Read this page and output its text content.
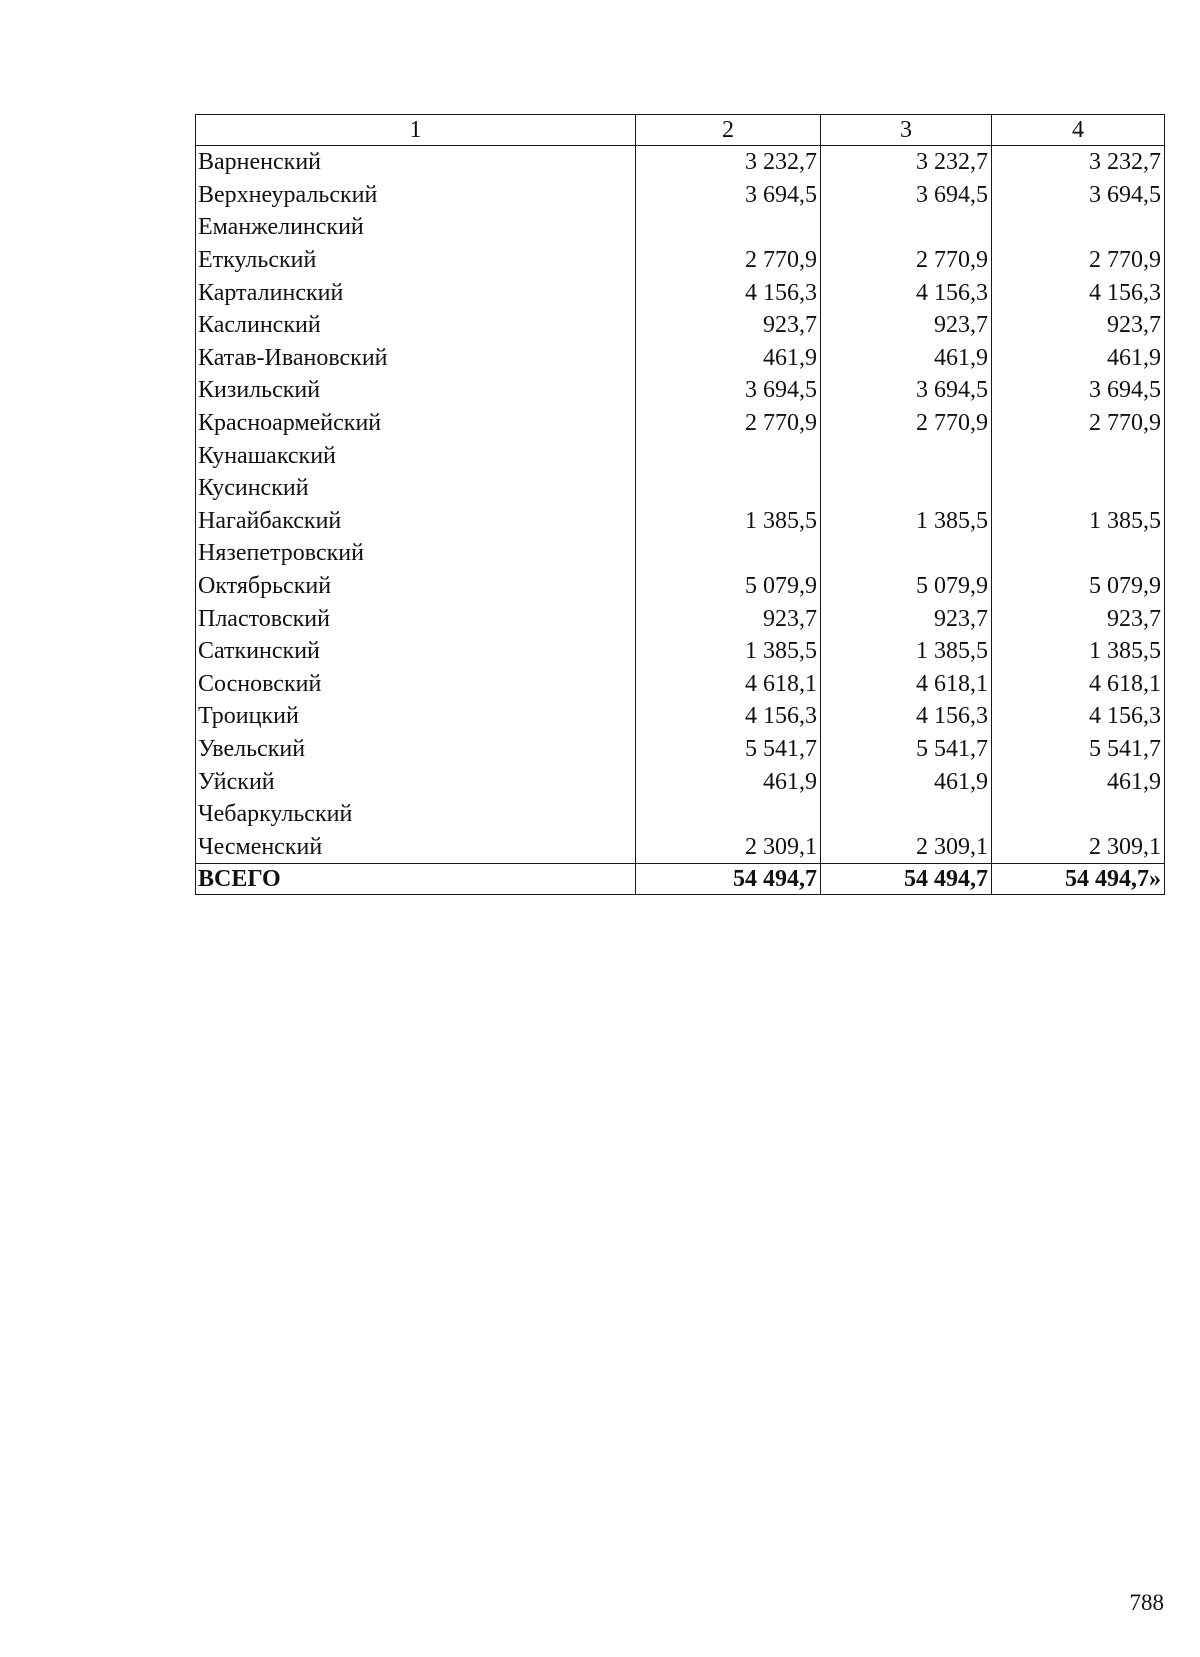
1	2	3	4
Варненский	3 232,7	3 232,7	3 232,7
Верхнеуральский	3 694,5	3 694,5	3 694,5
Еманжелинский			
Еткульский	2 770,9	2 770,9	2 770,9
Карталинский	4 156,3	4 156,3	4 156,3
Каслинский	923,7	923,7	923,7
Катав-Ивановский	461,9	461,9	461,9
Кизильский	3 694,5	3 694,5	3 694,5
Красноармейский	2 770,9	2 770,9	2 770,9
Кунашакский			
Кусинский			
Нагайбакский	1 385,5	1 385,5	1 385,5
Нязепетровский			
Октябрьский	5 079,9	5 079,9	5 079,9
Пластовский	923,7	923,7	923,7
Саткинский	1 385,5	1 385,5	1 385,5
Сосновский	4 618,1	4 618,1	4 618,1
Троицкий	4 156,3	4 156,3	4 156,3
Увельский	5 541,7	5 541,7	5 541,7
Уйский	461,9	461,9	461,9
Чебаркульский			
Чесменский	2 309,1	2 309,1	2 309,1
ВСЕГО	54 494,7	54 494,7	54 494,7»
788
